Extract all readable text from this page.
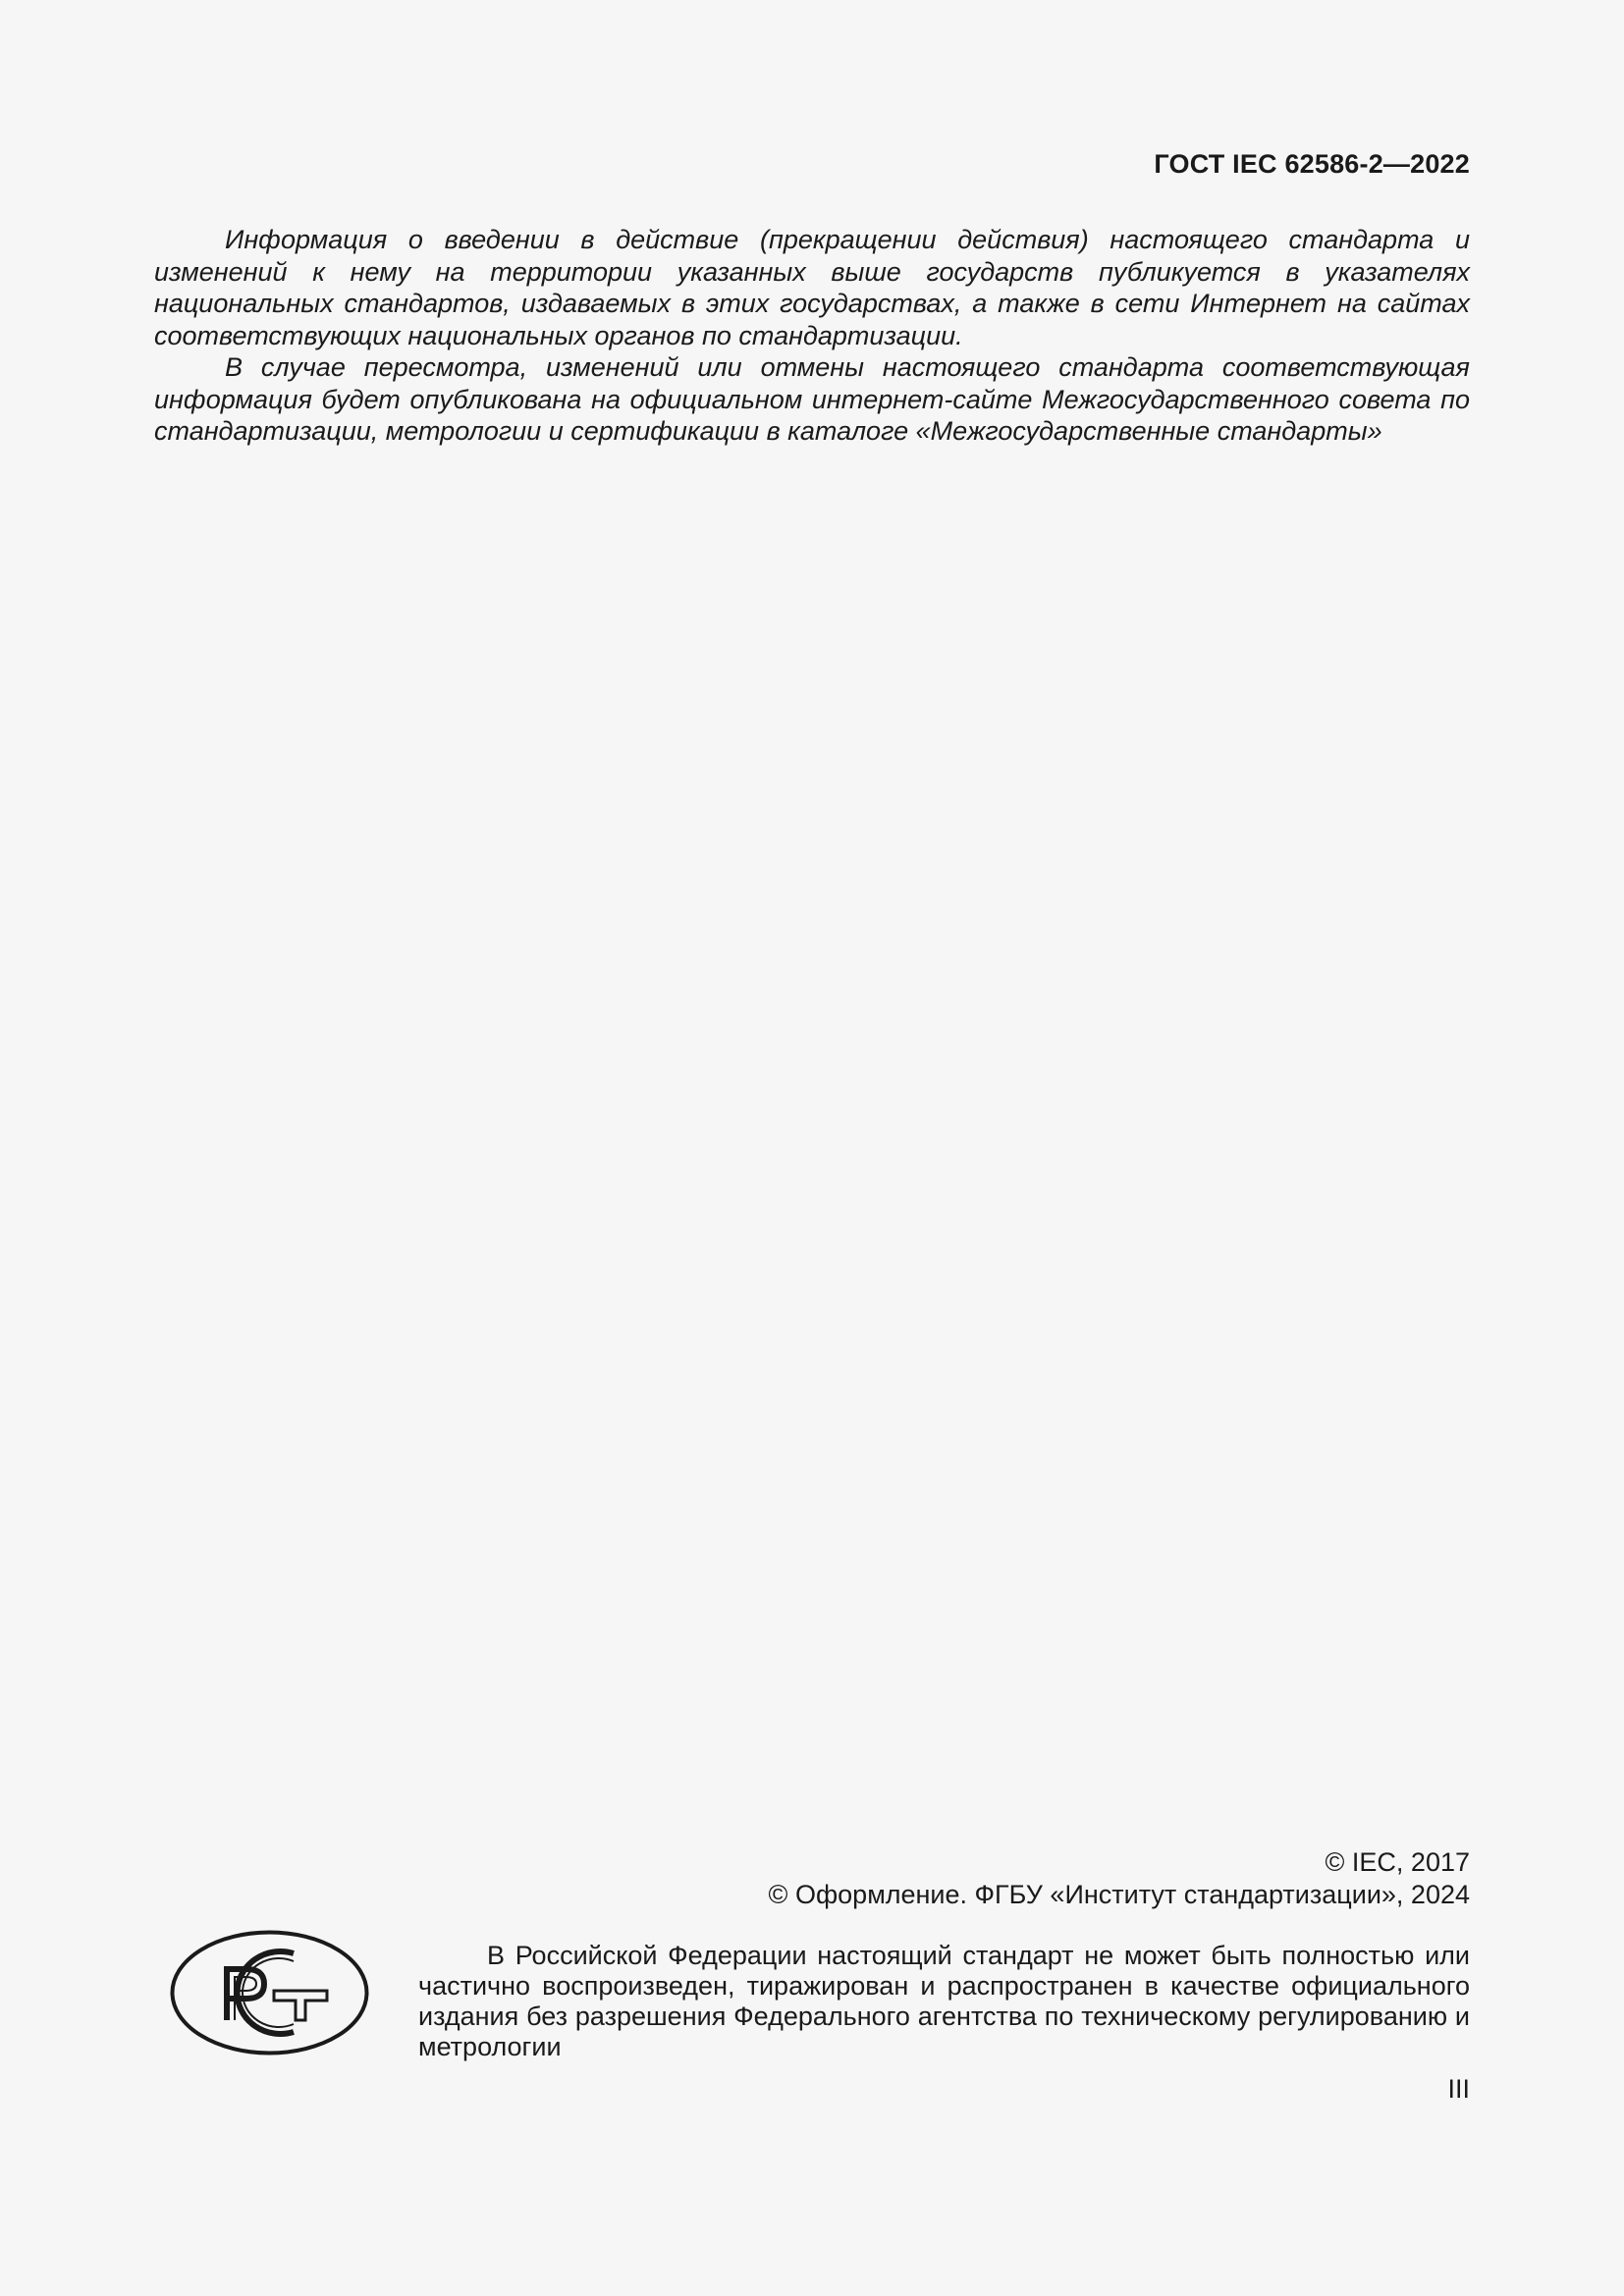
ГОСТ IEC 62586-2—2022

Информация о введении в действие (прекращении действия) настоящего стандарта и изменений к нему на территории указанных выше государств публикуется в указателях национальных стандартов, издаваемых в этих государствах, а также в сети Интернет на сайтах соответствующих национальных органов по стандартизации.

В случае пересмотра, изменений или отмены настоящего стандарта соответствующая информация будет опубликована на официальном интернет-сайте Межгосударственного совета по стандартизации, метрологии и сертификации в каталоге «Межгосударственные стандарты»

© IEC, 2017
© Оформление. ФГБУ «Институт стандартизации», 2024
В Российской Федерации настоящий стандарт не может быть полностью или частично воспроизведен, тиражирован и распространен в качестве официального издания без разрешения Федерального агентства по техническому регулированию и метрологии
III
